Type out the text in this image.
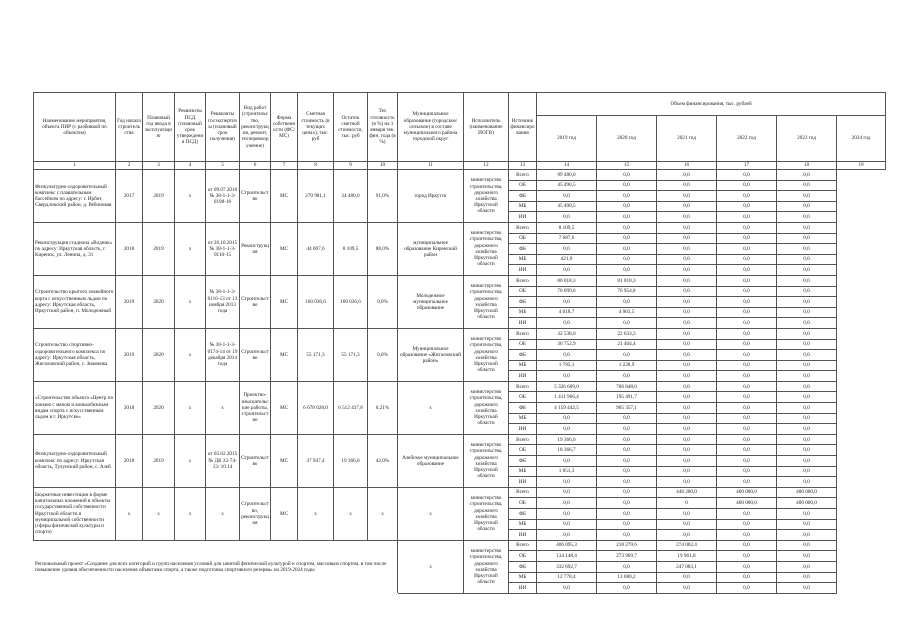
Наименование мероприятия, объекта ПИР (с разбивкой по объектам)	Год начала строительства	Плановый год ввода в эксплуатацию	Реквизиты ПСД (плановый срок утверждения ПСД)	Реквизиты госэкспертизы (плановый срок получения)	Вид работ (строительство, реконструкция, ремонт, техперевооружение)	Форма собственности (ФС/МС)	Сметная стоимость (в текущих ценах), тыс. руб	Остаток сметной стоимости, тыс. руб	Тех готовность (в %) на 1 января тек. фин. года (в %)	Муниципальное образование (городское/сельское) в составе муниципального района городской округ	Исполнитель (наименование ИОГВ)	Источник финансирования	Объем финансирования, тыс. рублей					
													2019 год	2020 год	2021 год	2022 год	2023 год	2024 год
1	2	3	4	5	6	7	8	9	10	11	12	13	14	15	16	17	18	19
Физкультурно-оздоровительный комплекс с плавательным бассейном по адресу: г. Ирбит, Свердловский район, д. Рябиновая	2017	2019	х	от 09.07.2016 № 38-1-1-3-0198-16	Строительство	МС	270 981,1	34 480,0	91,0%	город Иркутск	министерство строительства, дорожного хозяйства Иркутской области	Всего	99 480,0	0,0	0,0	0,0	0,0	
												ОБ	45 490,5	0,0	0,0	0,0	0,0	
												ФБ	0,0	0,0	0,0	0,0	0,0	
												МБ	45 490,5	0,0	0,0	0,0	0,0	
												ИИ	0,0	0,0	0,0	0,0	0,0	
Реконструкция стадиона «Водник» по адресу: Иркутская область, г. Киренск, ул. Ленина, д. 31	2018	2019	х	от 26.10.2015 № 38-1-1-3-0110-15	Реконструкция	МС	44 007,6	8 109,5	88,0%	муниципальное образование Киренский район	министерство строительства, дорожного хозяйства Иркутской области	Всего	8 109,5	0,0	0,0	0,0	0,0	
												ОБ	7 687,6	0,0	0,0	0,0	0,0	
												ФБ	0,0	0,0	0,0	0,0	0,0	
												МБ	421,9	0,0	0,0	0,0	0,0	
												ИИ	0,0	0,0	0,0	0,0	0,0	
Строительство крытого хоккейного корта с искусственным льдом по адресу: Иркутская область, Иркутский район, п. Молодежный	2019	2020	х	№ 38-1-1-3-0116-13 от 13 ноября 2013 года	Строительство	МС	160 036,6	160 036,6	0,0%	Молодежное муниципальное образование	министерство строительства, дорожного хозяйства Иркутской области	Всего	80 018,3	81 018,3	0,0	0,0	0,0	
												ОБ	76 099,6	76 954,8	0,0	0,0	0,0	
												ФБ	0,0	0,0	0,0	0,0	0,0	
												МБ	4 018,7	4 063,5	0,0	0,0	0,0	
												ИИ	0,0	0,0	0,0	0,0	0,0	
Строительство спортивно-оздоровительного комплекса по адресу: Иркутская область, Жигаловский район, с. Знаменка	2019	2020	х	№ 38-1-1-3-0174-14 от 19 декабря 2014 года	Строительство	МС	55 171,3	55 171,3	0,0%	Муниципальное образование «Жигаловский район»	министерство строительства, дорожного хозяйства Иркутской области	Всего	32 538,0	22 633,3	0,0	0,0	0,0	
												ОБ	30 752,9	21 404,4	0,0	0,0	0,0	
												ФБ	0,0	0,0	0,0	0,0	0,0	
												МБ	1 785,1	1 228,9	0,0	0,0	0,0	
												ИИ	0,0	0,0	0,0	0,0	0,0	
«Строительство объекта «Центр по хоккею с мячом и конькобежным видам спорта с искусственным льдом в г. Иркутске»	2018	2020	х	х	Проектно-изыскательские работы, строительство	МС	6 678 028,0	6 512 437,8	0,21%	х	министерство строительства, дорожного хозяйства Иркутской области	Всего	5 326 609,0	706 848,0	0,0	0,0	0,0	
												ОБ	1 411 966,4	195 491,7	0,0	0,0	0,0	
												ФБ	4 159 442,5	905 357,1	0,0	0,0	0,0	
												МБ	0,0	0,0	0,0	0,0	0,0	
												ИИ	0,0	0,0	0,0	0,0	0,0	
Физкультурно-оздоровительный комплекс по адресу: Иркутская область, Тулунский район, с. Азей	2018	2019	х	от 05.02.2015 № ДК 22-74-13/ 10.14	Строительство	МС	37 947,4	19 366,0	42,0%	Азейское муниципальное образование	министерство строительства, дорожного хозяйства Иркутской области	Всего	19 366,0	0,0	0,0	0,0	0,0	
												ОБ	18 366,7	0,0	0,0	0,0	0,0	
												ФБ	0,0	0,0	0,0	0,0	0,0	
												МБ	1 051,3	0,0	0,0	0,0	0,0	
												ИИ	0,0	0,0	0,0	0,0	0,0	
Бюджетные инвестиции в форме капитальных вложений в объекты государственной собственности Иркутской области и муниципальной собственности (сферы физической культуры и спорта)	х	х	х	х	Строительство, реконструкция	МС	х	х	х	х	министерство строительства, дорожного хозяйства Иркутской области	Всего	0,0	0,0	448 200,0	400 000,0	400 000,0	
												ОБ	0,0	0,0	0	400 000,0	400 000,0	
												ФБ	0,0	0,0	0,0	0,0	0,0	
												МБ	0,0	0,0	0,0	0,0	0,0	
												ИИ	0,0	0,0	0,0	0,0	0,0	
Региональный проект «Создание для всех категорий и групп населения условий для занятий физической культурой и спортом, массовым спортом, в том числе повышение уровня обеспеченности населения объектами спорта, а также подготовка спортивного резерва» на 2019-2024 годы										х	министерство строительства, дорожного хозяйства Иркутской области	Всего	406 095,3	218 279,6	274 002,4	0,0	0,0	
												ОБ	134 148,4	273 969,7	19 961,8	0,0	0,0	
												ФБ	332 692,7	0,0	247 083,1	0,0	0,0	
												МБ	12 778,4	13 080,2	0,0	0,0	0,0	
												ИИ	0,0	0,0	0,0	0,0	0,0	
